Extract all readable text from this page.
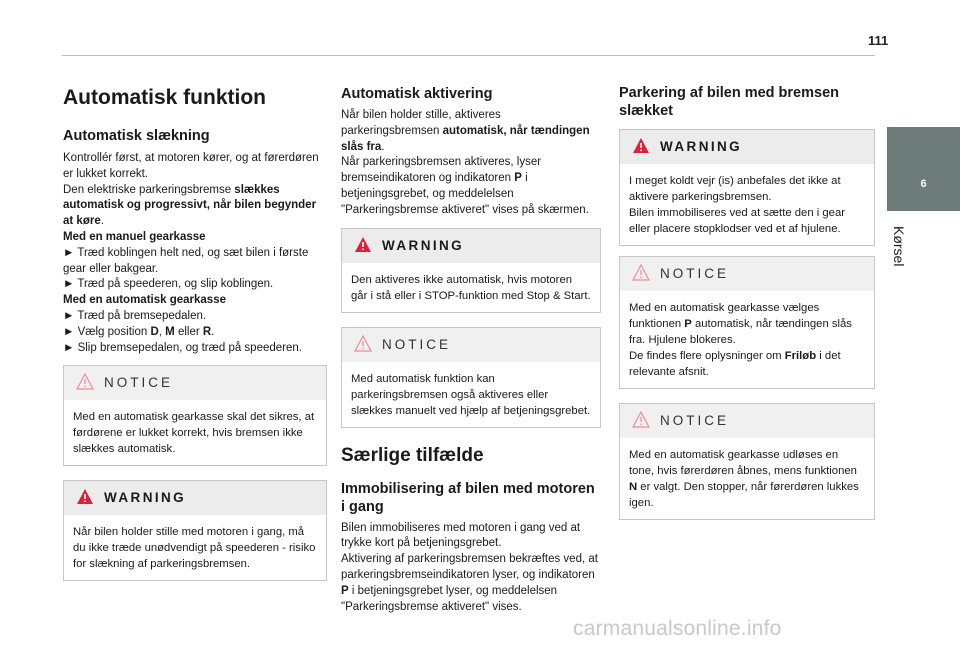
111
6
Kørsel
Automatisk funktion
Automatisk slækning

Kontrollér først, at motoren kører, og at førerdøren er lukket korrekt.

Den elektriske parkeringsbremse slækkes automatisk og progressivt, når bilen begynder at køre.

Med en manuel gearkasse

► Træd koblingen helt ned, og sæt bilen i første gear eller bakgear.

► Træd på speederen, og slip koblingen.

Med en automatisk gearkasse

► Træd på bremsepedalen.

► Vælg position D, M eller R.

► Slip bremsepedalen, og træd på speederen.

NOTICE

Med en automatisk gearkasse skal det sikres, at førdørene er lukket korrekt, hvis bremsen ikke slækkes automatisk.

WARNING

Når bilen holder stille med motoren i gang, må du ikke træde unødvendigt på speederen - risiko for slækning af parkeringsbremsen.

Automatisk aktivering

Når bilen holder stille, aktiveres parkeringsbremsen automatisk, når tændingen slås fra.

Når parkeringsbremsen aktiveres, lyser bremseindikatoren og indikatoren P i betjeningsgrebet, og meddelelsen "Parkeringsbremse aktiveret" vises på skærmen.

WARNING

Den aktiveres ikke automatisk, hvis motoren går i stå eller i STOP-funktion med Stop & Start.

NOTICE

Med automatisk funktion kan parkeringsbremsen også aktiveres eller slækkes manuelt ved hjælp af betjeningsgrebet.

Særlige tilfælde
Immobilisering af bilen med motoren i gang

Bilen immobiliseres med motoren i gang ved at trykke kort på betjeningsgrebet.

Aktivering af parkeringsbremsen bekræftes ved, at parkeringsbremseindikatoren lyser, og indikatoren P i betjeningsgrebet lyser, og meddelelsen "Parkeringsbremse aktiveret" vises.

Parkering af bilen med bremsen slækket
WARNING

I meget koldt vejr (is) anbefales det ikke at aktivere parkeringsbremsen.

Bilen immobiliseres ved at sætte den i gear eller placere stopklodser ved et af hjulene.

NOTICE

Med en automatisk gearkasse vælges funktionen P automatisk, når tændingen slås fra. Hjulene blokeres.

De findes flere oplysninger om Friløb i det relevante afsnit.

NOTICE

Med en automatisk gearkasse udløses en tone, hvis førerdøren åbnes, mens funktionen N er valgt. Den stopper, når førerdøren lukkes igen.

carmanualsonline.info
